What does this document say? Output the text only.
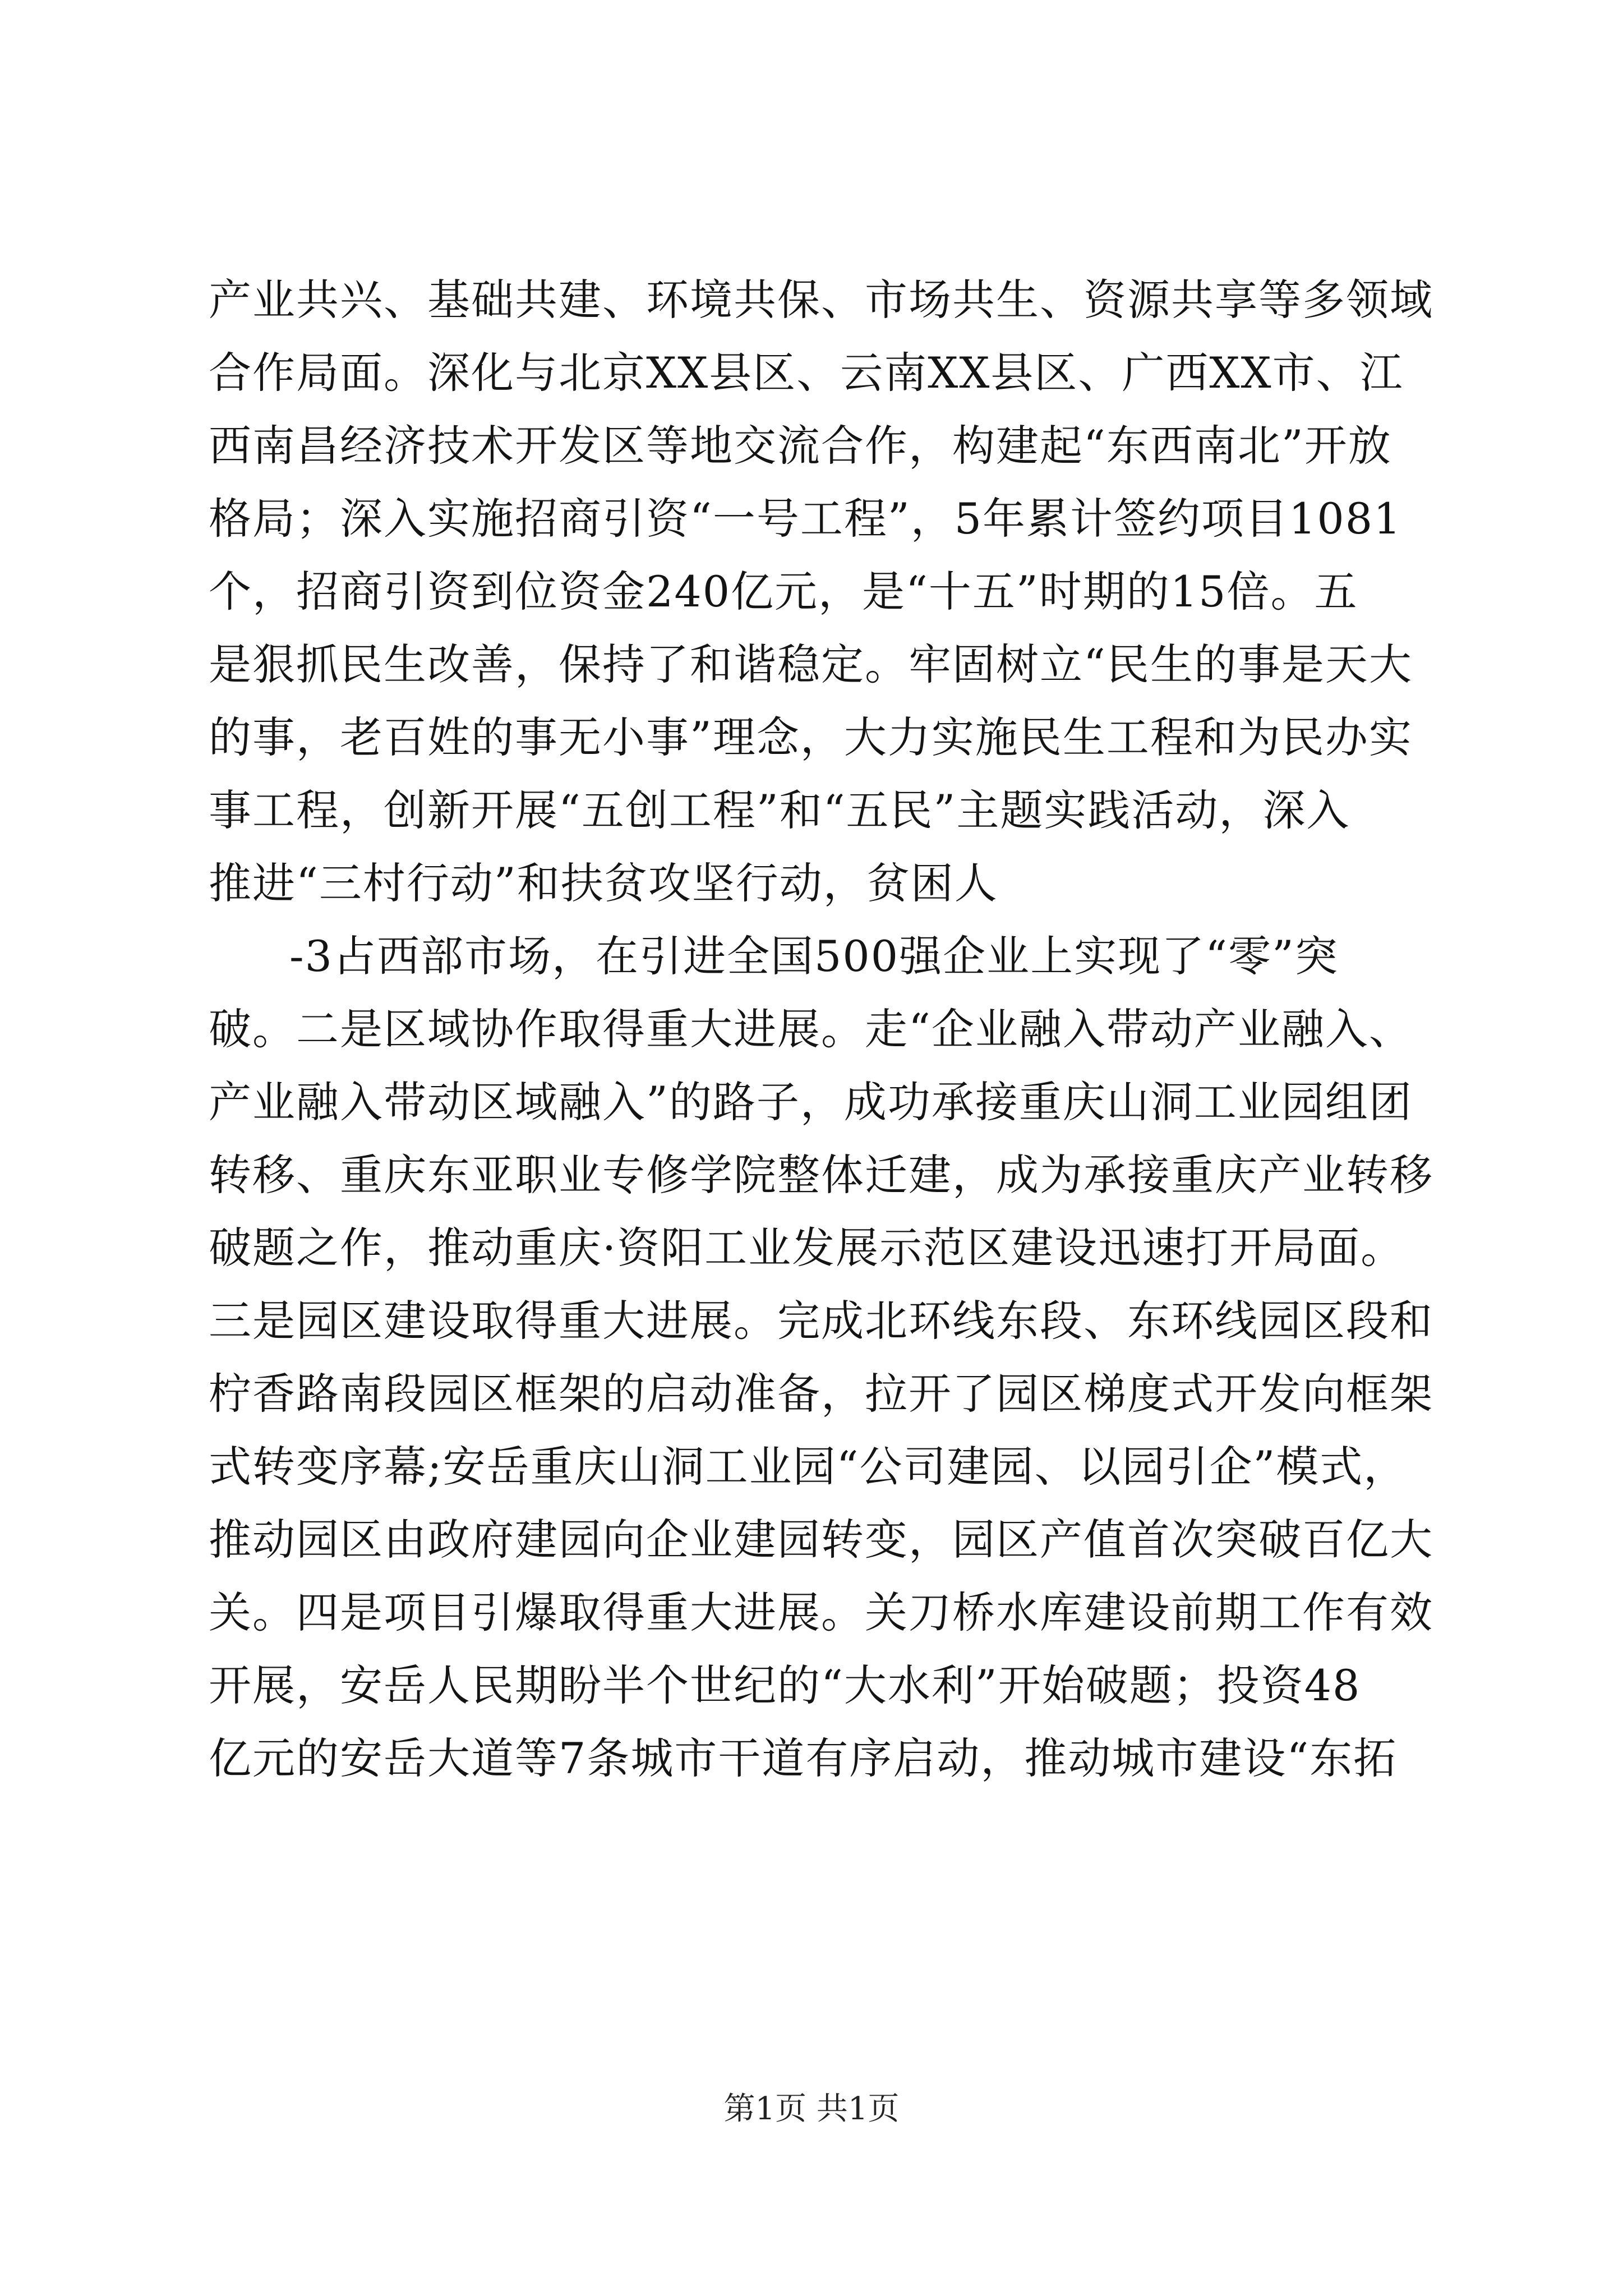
产业共兴、基础共建、环境共保、市场共生、资源共享等多领域
合作局面。深化与北京XX县区、云南XX县区、广西XX市、江
西南昌经济技术开发区等地交流合作，构建起“东西南北”开放
格局；深入实施招商引资“一号工程”，5年累计签约项目1081
个，招商引资到位资金240亿元，是“十五”时期的15倍。五
是狠抓民生改善，保持了和谐稳定。牢固树立“民生的事是天大
的事，老百姓的事无小事”理念，大力实施民生工程和为民办实
事工程，创新开展“五创工程”和“五民”主题实践活动，深入
推进“三村行动”和扶贫攻坚行动，贫困人
-3占西部市场，在引进全国500强企业上实现了“零”突
破。二是区域协作取得重大进展。走“企业融入带动产业融入、
产业融入带动区域融入”的路子，成功承接重庆山洞工业园组团
转移、重庆东亚职业专修学院整体迁建，成为承接重庆产业转移
破题之作，推动重庆·资阳工业发展示范区建设迅速打开局面。
三是园区建设取得重大进展。完成北环线东段、东环线园区段和
柠香路南段园区框架的启动准备，拉开了园区梯度式开发向框架
式转变序幕;安岳重庆山洞工业园“公司建园、以园引企”模式，
推动园区由政府建园向企业建园转变，园区产值首次突破百亿大
关。四是项目引爆取得重大进展。关刀桥水库建设前期工作有效
开展，安岳人民期盼半个世纪的“大水利”开始破题；投资48
亿元的安岳大道等7条城市干道有序启动，推动城市建设“东拓
第1页 共1页
